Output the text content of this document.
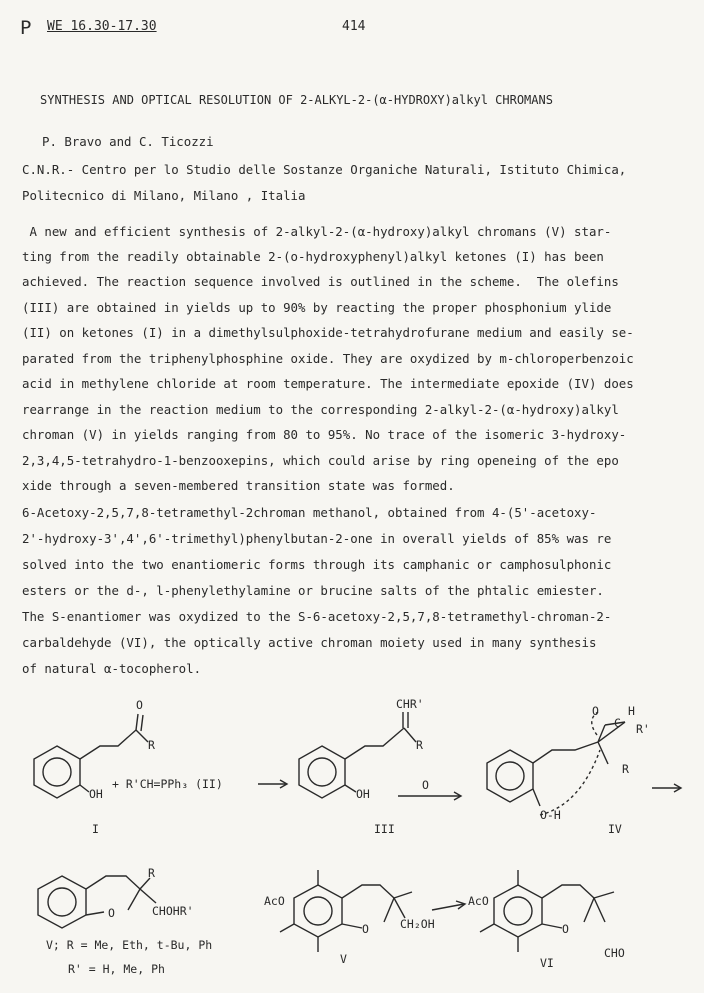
P WE 16.30-17.30	414
SYNTHESIS AND OPTICAL RESOLUTION OF 2-ALKYL-2-(α-HYDROXY)alkyl CHROMANS
P. Bravo and C. Ticozzi
C.N.R.- Centro per lo Studio delle Sostanze Organiche Naturali, Istituto Chimica,
Politecnico di Milano, Milano , Italia
A new and efficient synthesis of 2-alkyl-2-(α-hydroxy)alkyl chromans (V) star-
ting from the readily obtainable 2-(o-hydroxyphenyl)alkyl ketones (I) has been
achieved. The reaction sequence involved is outlined in the scheme.  The olefins
(III) are obtained in yields up to 90% by reacting the proper phosphonium ylide
(II) on ketones (I) in a dimethylsulphoxide-tetrahydrofurane medium and easily se-
parated from the triphenylphosphine oxide. They are oxydized by m-chloroperbenzoic
acid in methylene chloride at room temperature. The intermediate epoxide (IV) does
rearrange in the reaction medium to the corresponding 2-alkyl-2-(α-hydroxy)alkyl
chroman (V) in yields ranging from 80 to 95%. No trace of the isomeric 3-hydroxy-
2,3,4,5-tetrahydro-1-benzooxepins, which could arise by ring openeing of the epo
xide through a seven-membered transition state was formed.
6-Acetoxy-2,5,7,8-tetramethyl-2chroman methanol, obtained from 4-(5'-acetoxy-
2'-hydroxy-3',4',6'-trimethyl)phenylbutan-2-one in overall yields of 85% was re
solved into the two enantiomeric forms through its camphanic or camphosulphonic
esters or the d-, l-phenylethylamine or brucine salts of the phtalic emiester.
The S-enantiomer was oxydized to the S-6-acetoxy-2,5,7,8-tetramethyl-chroman-2-
carbaldehyde (VI), the optically active chroman moiety used in many synthesis
of natural α-tocopherol.
R
O
OH
I
+ R'CH=PPh₃ (II)
CHR'
R
OH
III
O
O	H
C R'
R
O-H
IV
R
O	CHOHR'
V; R = Me, Eth, t-Bu, Ph
R' = H, Me, Ph
AcO
O	CH₂OH
V
AcO
O
CHO
VI
